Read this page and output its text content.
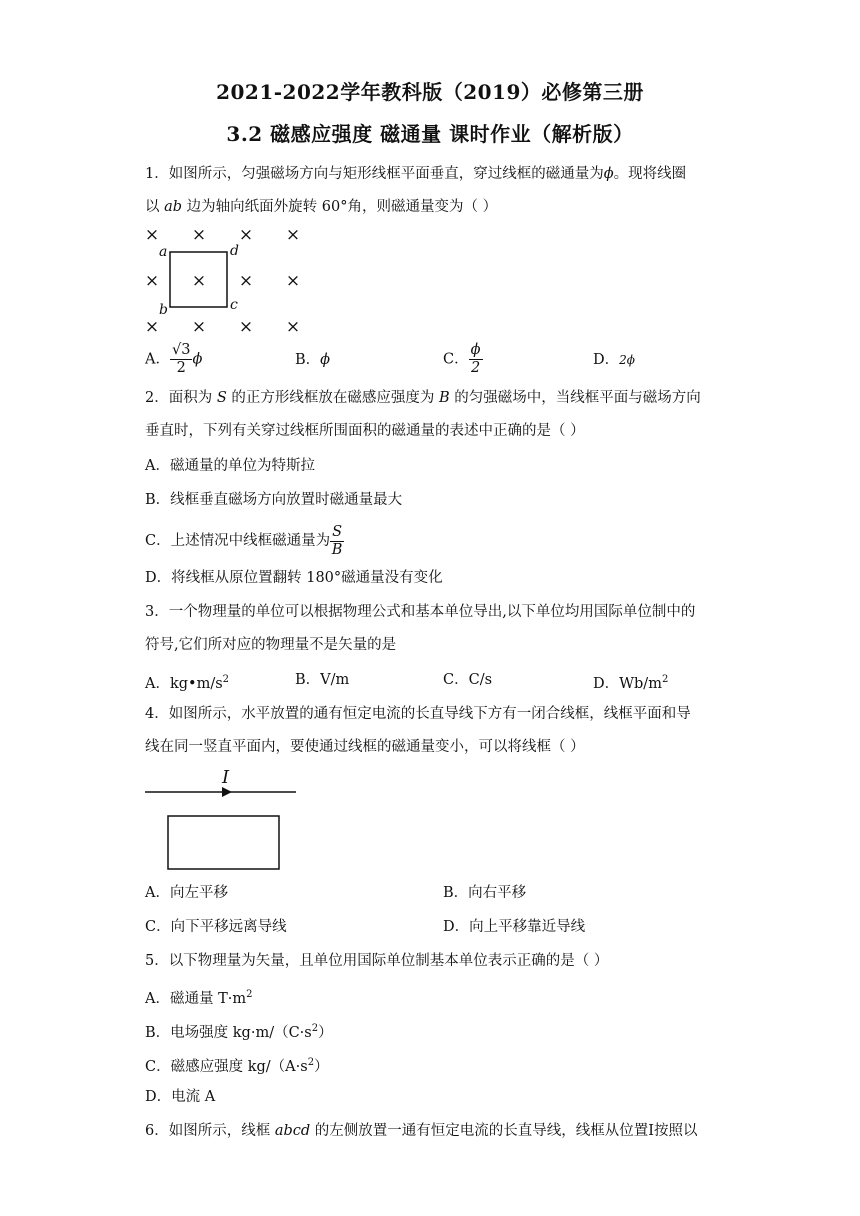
2021-2022学年教科版（2019）必修第三册
3.2 磁感应强度 磁通量 课时作业（解析版）
1．如图所示，匀强磁场方向与矩形线框平面垂直，穿过线框的磁通量为ϕ。现将线圈
以 ab 边为轴向纸面外旋转 60°角，则磁通量变为（ ）
× × × ×
× × × ×
× × × ×
a	d
b	c
A． $\frac{√3}{2}$ ϕ	B．ϕ	C． $\frac{\phi}{2}$	D．2ϕ
2．面积为 S 的正方形线框放在磁感应强度为 B 的匀强磁场中，当线框平面与磁场方向
垂直时，下列有关穿过线框所围面积的磁通量的表述中正确的是（ ）
A．磁通量的单位为特斯拉
B．线框垂直磁场方向放置时磁通量最大
C．上述情况中线框磁通量为 $\frac{S}{B}$
D．将线框从原位置翻转 180°磁通量没有变化
3．一个物理量的单位可以根据物理公式和基本单位导出,以下单位均用国际单位制中的
符号,它们所对应的物理量不是矢量的是
A．$kg•m/s^2$	B．V/m	C．C/s	D．$Wb/m^2$
4．如图所示，水平放置的通有恒定电流的长直导线下方有一闭合线框，线框平面和导
线在同一竖直平面内，要使通过线框的磁通量变小，可以将线框（ ）
I
A．向左平移	B．向右平移
C．向下平移远离导线	D．向上平移靠近导线
5．以下物理量为矢量，且单位用国际单位制基本单位表示正确的是（ ）
A．磁通量 $T\cdot m^2$
B．电场强度 $kg\cdot m/(C\cdot s^2)$
C．磁感应强度 $kg/(A\cdot s^2)$
D．电流 A
6．如图所示，线框 abcd 的左侧放置一通有恒定电流的长直导线，线框从位置Ⅰ按照以
